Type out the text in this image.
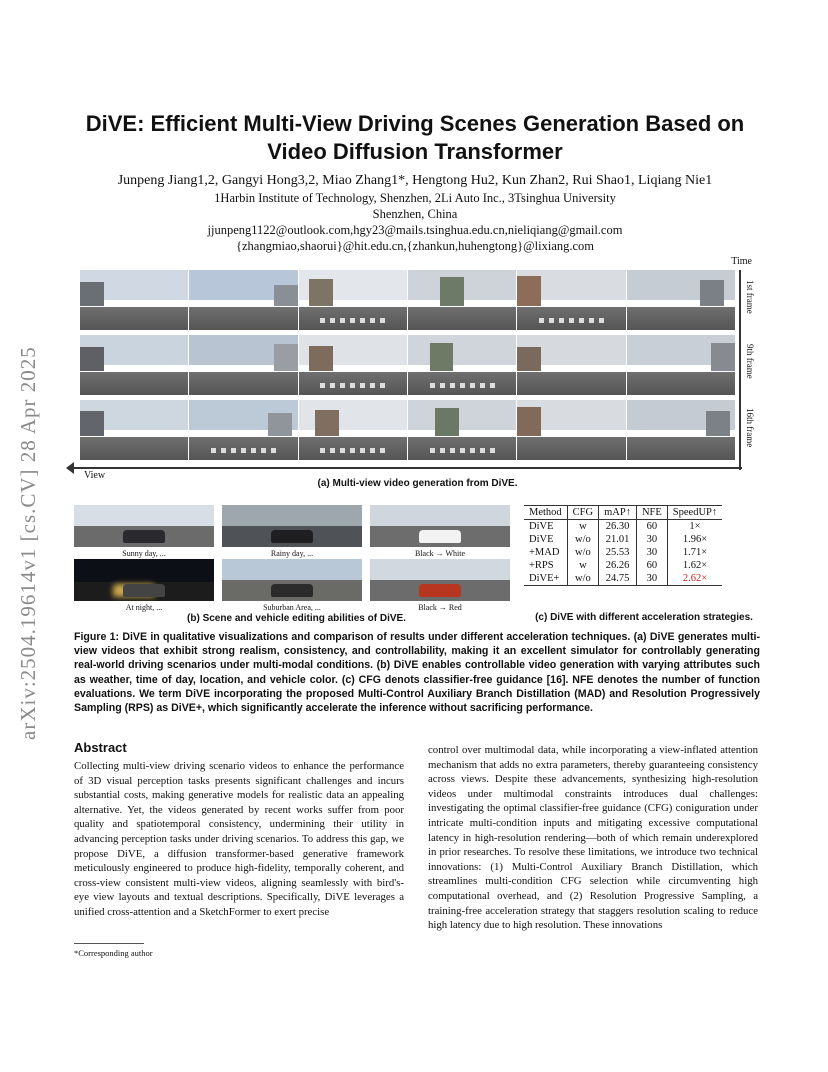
arXiv:2504.19614v1 [cs.CV] 28 Apr 2025
DiVE: Efficient Multi-View Driving Scenes Generation Based on Video Diffusion Transformer
Junpeng Jiang1,2, Gangyi Hong3,2, Miao Zhang1*, Hengtong Hu2, Kun Zhan2, Rui Shao1, Liqiang Nie1
1Harbin Institute of Technology, Shenzhen, 2Li Auto Inc., 3Tsinghua University
Shenzhen, China
jjunpeng1122@outlook.com,hgy23@mails.tsinghua.edu.cn,nieliqiang@gmail.com
{zhangmiao,shaorui}@hit.edu.cn,{zhankun,huhengtong}@lixiang.com
Time
1st frame
9th frame
16th frame
View
(a) Multi-view video generation from DiVE.
Sunny day, ...	Rainy day, ...	Black → White
At night, ...	Suburban Area, ...	Black → Red
(b) Scene and vehicle editing abilities of DiVE.
Method	CFG	mAP↑	NFE	SpeedUP↑
DiVE	w	26.30	60	1×
DiVE	w/o	21.01	30	1.96×
+MAD	w/o	25.53	30	1.71×
+RPS	w	26.26	60	1.62×
DiVE+	w/o	24.75	30	2.62×
(c) DiVE with different acceleration strategies.
Figure 1: DiVE in qualitative visualizations and comparison of results under different acceleration techniques. (a) DiVE generates multi-view videos that exhibit strong realism, consistency, and controllability, making it an excellent simulator for controllably generating real-world driving scenarios under multi-modal conditions. (b) DiVE enables controllable video generation with varying attributes such as weather, time of day, location, and vehicle color. (c) CFG denots classifier-free guidance [16]. NFE denotes the number of function evaluations. We term DiVE incorporating the proposed Multi-Control Auxiliary Branch Distillation (MAD) and Resolution Progressively Sampling (RPS) as DiVE+, which significantly accelerate the inference without sacrificing performance.
Abstract
Collecting multi-view driving scenario videos to enhance the performance of 3D visual perception tasks presents significant challenges and incurs substantial costs, making generative models for realistic data an appealing alternative. Yet, the videos generated by recent works suffer from poor quality and spatiotemporal consistency, undermining their utility in advancing perception tasks under driving scenarios. To address this gap, we propose DiVE, a diffusion transformer-based generative framework meticulously engineered to produce high-fidelity, temporally coherent, and cross-view consistent multi-view videos, aligning seamlessly with bird's-eye view layouts and textual descriptions. Specifically, DiVE leverages a unified cross-attention and a SketchFormer to exert precise
control over multimodal data, while incorporating a view-inflated attention mechanism that adds no extra parameters, thereby guaranteeing consistency across views. Despite these advancements, synthesizing high-resolution videos under multimodal constraints introduces dual challenges: investigating the optimal classifier-free guidance (CFG) coniguration under intricate multi-condition inputs and mitigating excessive computational latency in high-resolution rendering—both of which remain underexplored in prior researches. To resolve these limitations, we introduce two technical innovations: (1) Multi-Control Auxiliary Branch Distillation, which streamlines multi-condition CFG selection while circumventing high computational overhead, and (2) Resolution Progressive Sampling, a training-free acceleration strategy that staggers resolution scaling to reduce high latency due to high resolution. These innovations
*Corresponding author
